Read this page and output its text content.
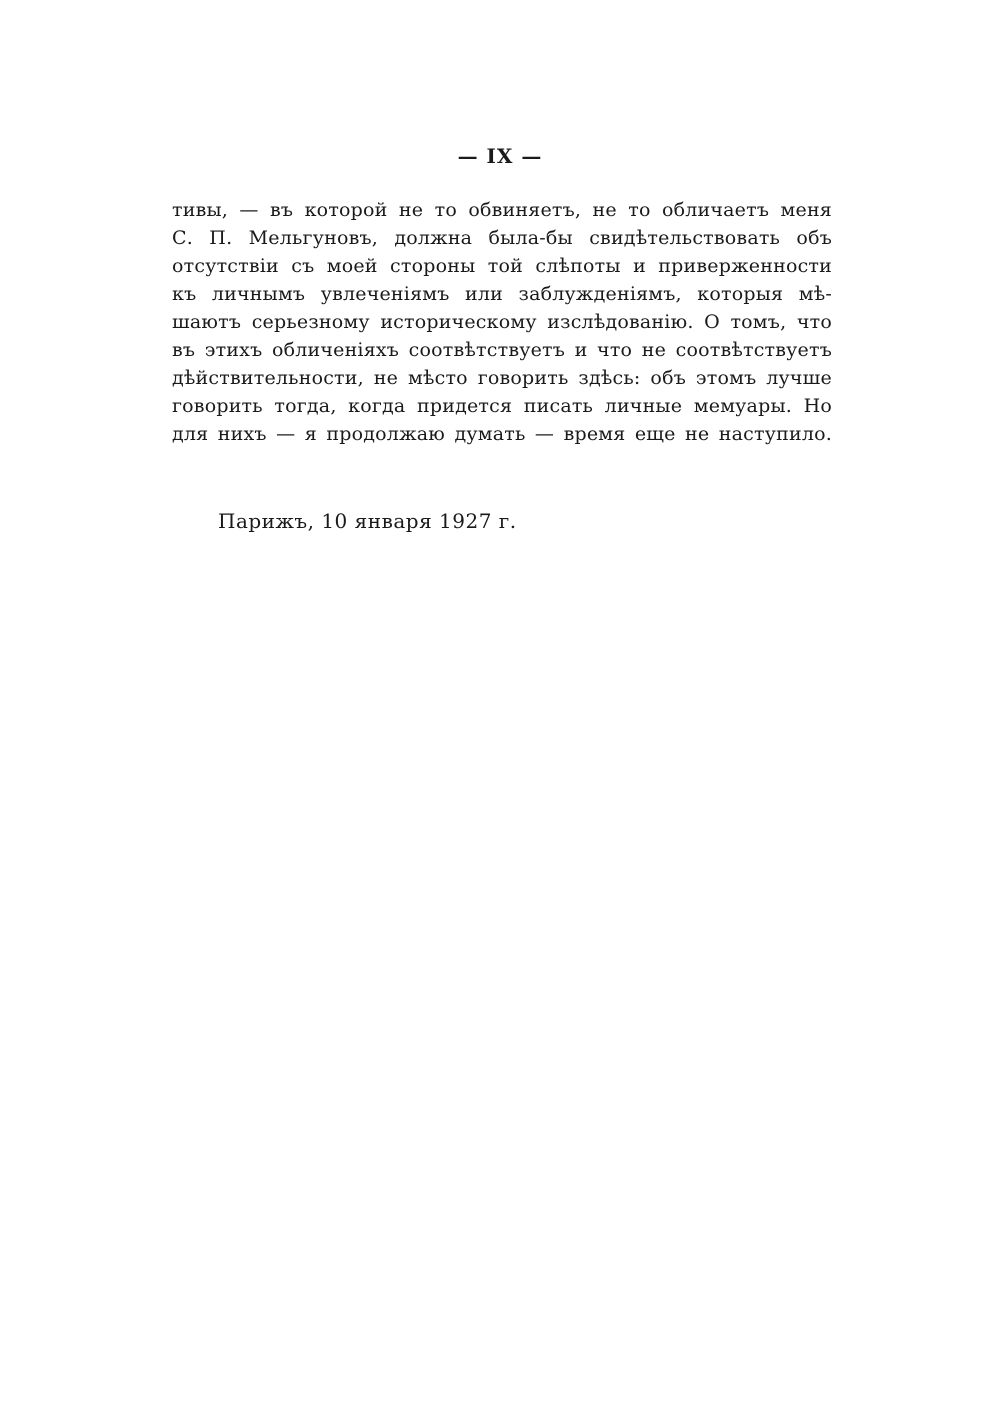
— IX —
тивы, — въ которой не то обвиняетъ, не то обличаетъ меня
С. П. Мельгуновъ, должна была-бы свидѣтельствовать объ
отсутствіи съ моей стороны той слѣпоты и приверженности
къ личнымъ увлеченіямъ или заблужденіямъ, которыя мѣ-
шаютъ серьезному историческому изслѣдованію. О томъ, что
въ этихъ обличеніяхъ соотвѣтствуетъ и что не соотвѣтствуетъ
дѣйствительности, не мѣсто говорить здѣсь: объ этомъ лучше
говорить тогда, когда придется писать личные мемуары. Но
для нихъ — я продолжаю думать — время еще не наступило.
Парижъ, 10 января 1927 г.
